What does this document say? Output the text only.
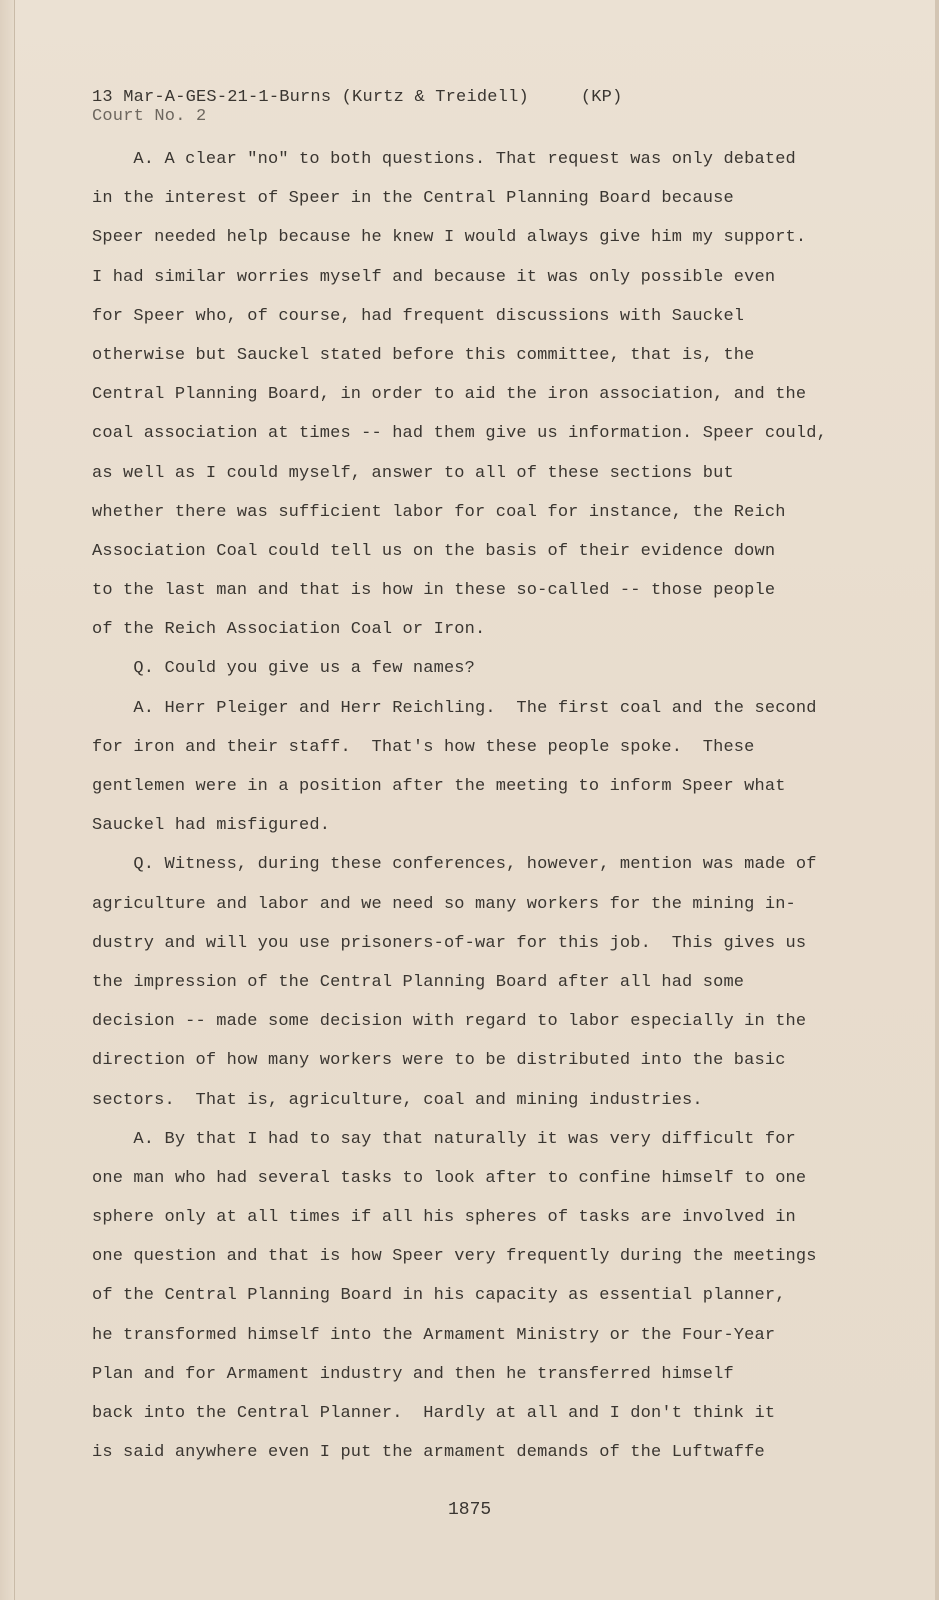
13 Mar-A-GES-21-1-Burns (Kurtz & Treidell)     (KP)
Court No. 2
A. A clear "no" to both questions. That request was only debated
in the interest of Speer in the Central Planning Board because
Speer needed help because he knew I would always give him my support.
I had similar worries myself and because it was only possible even
for Speer who, of course, had frequent discussions with Sauckel
otherwise but Sauckel stated before this committee, that is, the
Central Planning Board, in order to aid the iron association, and the
coal association at times -- had them give us information. Speer could,
as well as I could myself, answer to all of these sections but
whether there was sufficient labor for coal for instance, the Reich
Association Coal could tell us on the basis of their evidence down
to the last man and that is how in these so-called -- those people
of the Reich Association Coal or Iron.
Q. Could you give us a few names?
A. Herr Pleiger and Herr Reichling.  The first coal and the second
for iron and their staff.  That's how these people spoke.  These
gentlemen were in a position after the meeting to inform Speer what
Sauckel had misfigured.
Q. Witness, during these conferences, however, mention was made of
agriculture and labor and we need so many workers for the mining in-
dustry and will you use prisoners-of-war for this job.  This gives us
the impression of the Central Planning Board after all had some
decision -- made some decision with regard to labor especially in the
direction of how many workers were to be distributed into the basic
sectors.  That is, agriculture, coal and mining industries.
A. By that I had to say that naturally it was very difficult for
one man who had several tasks to look after to confine himself to one
sphere only at all times if all his spheres of tasks are involved in
one question and that is how Speer very frequently during the meetings
of the Central Planning Board in his capacity as essential planner,
he transformed himself into the Armament Ministry or the Four-Year
Plan and for Armament industry and then he transferred himself
back into the Central Planner.  Hardly at all and I don't think it
is said anywhere even I put the armament demands of the Luftwaffe
1875
